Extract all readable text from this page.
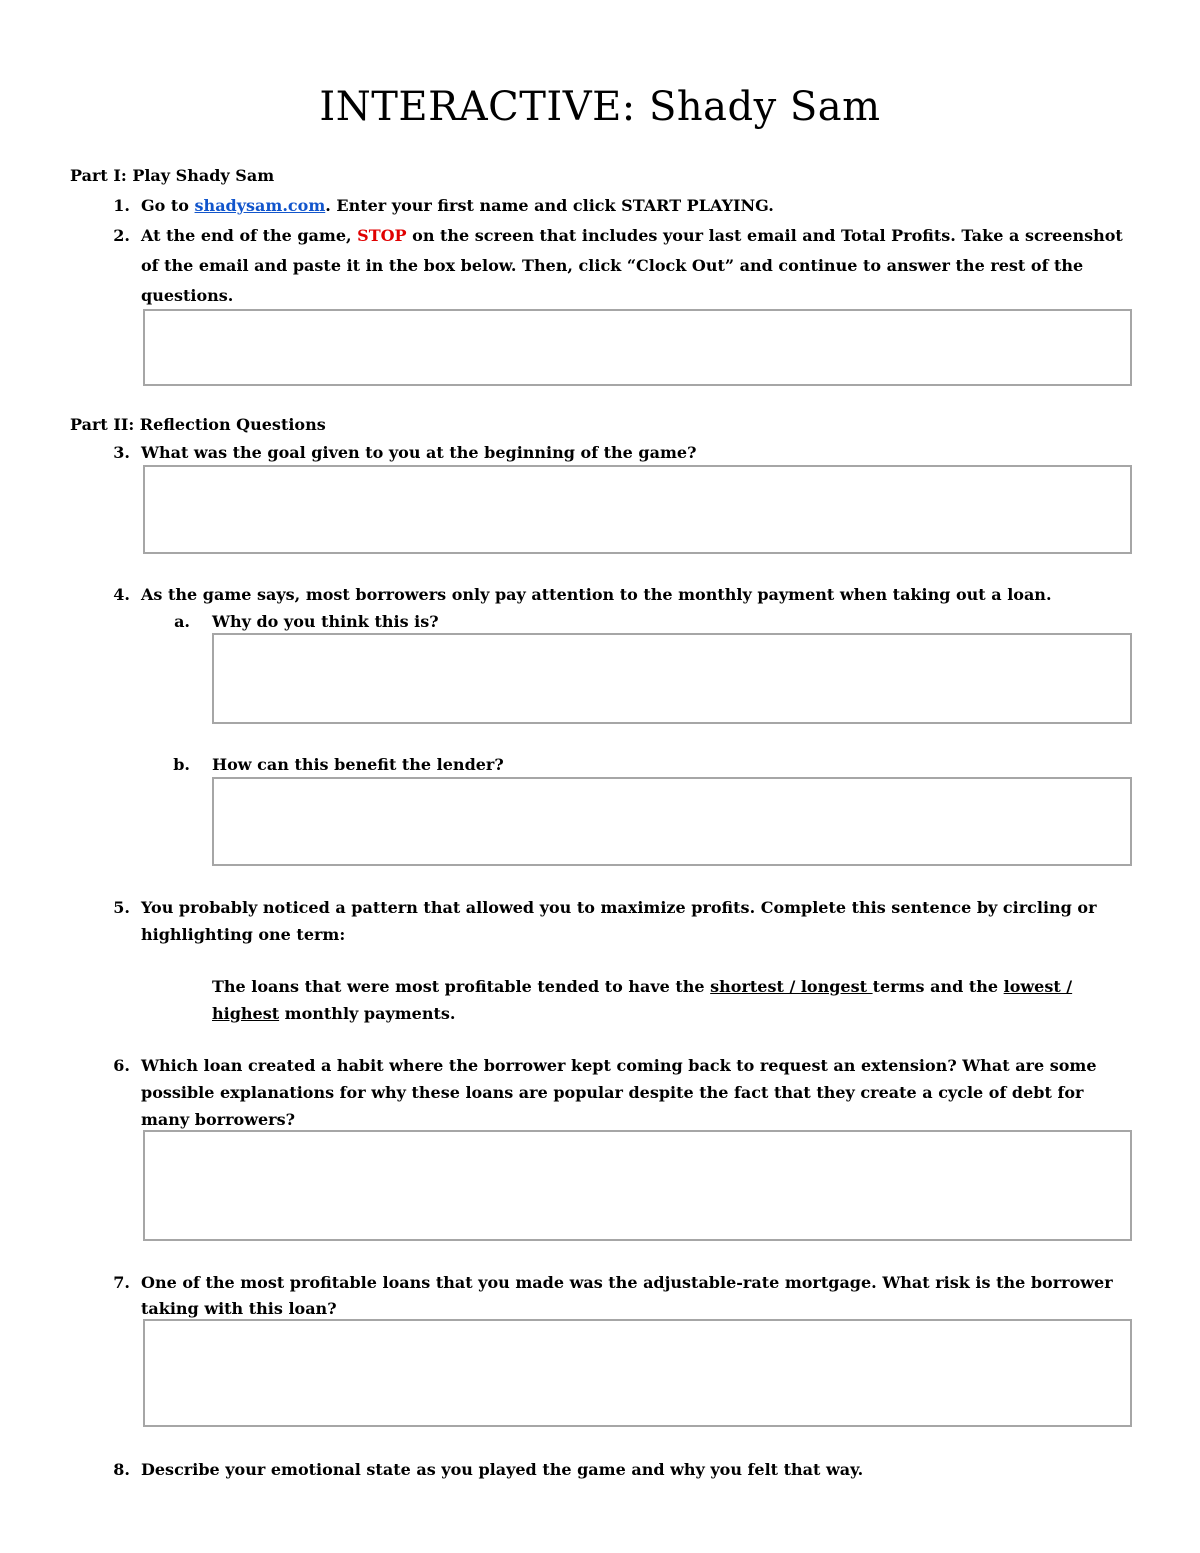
INTERACTIVE: Shady Sam
Part I: Play Shady Sam
1. Go to shadysam.com. Enter your first name and click START PLAYING.
2. At the end of the game, STOP on the screen that includes your last email and Total Profits. Take a screenshot
of the email and paste it in the box below. Then, click “Clock Out” and continue to answer the rest of the
questions.
Part II: Reflection Questions
3. What was the goal given to you at the beginning of the game?
4. As the game says, most borrowers only pay attention to the monthly payment when taking out a loan.
a. Why do you think this is?
b. How can this benefit the lender?
5. You probably noticed a pattern that allowed you to maximize profits. Complete this sentence by circling or
highlighting one term:
The loans that were most profitable tended to have the shortest / longest terms and the lowest /
highest monthly payments.
6. Which loan created a habit where the borrower kept coming back to request an extension? What are some
possible explanations for why these loans are popular despite the fact that they create a cycle of debt for
many borrowers?
7. One of the most profitable loans that you made was the adjustable-rate mortgage. What risk is the borrower
taking with this loan?
8. Describe your emotional state as you played the game and why you felt that way.
